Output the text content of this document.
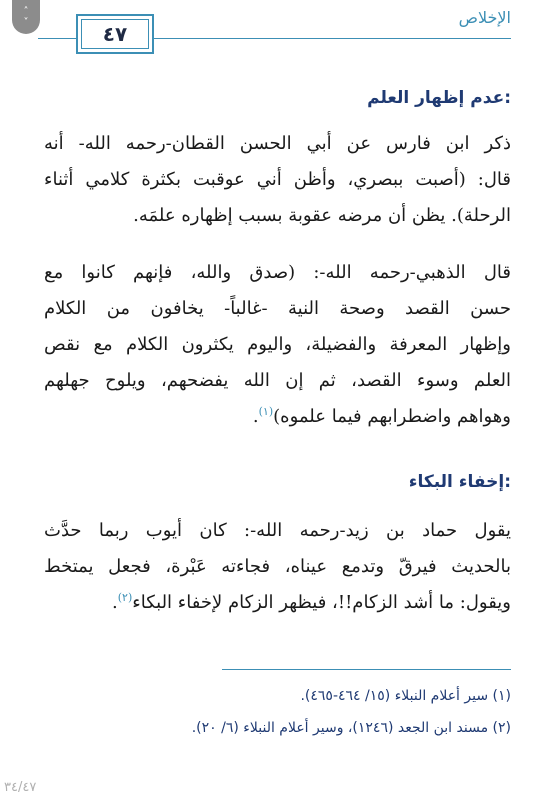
˄
˅	الإخلاص
٤٧
عدم إظهار العلم:
ذكر ابن فارس عن أبي الحسن القطان-رحمه الله- أنه
قال: (أصبت ببصري، وأظن أني عوقبت بكثرة كلامي أثناء
الرحلة). يظن أن مرضه عقوبة بسبب إظهاره علمَه.
قال الذهبي-رحمه الله-: (صدق والله، فإنهم كانوا مع
حسن القصد وصحة النية -غالباً- يخافون من الكلام
وإظهار المعرفة والفضيلة، واليوم يكثرون الكلام مع نقص
العلم وسوء القصد، ثم إن الله يفضحهم، ويلوح جهلهم
وهواهم واضطرابهم فيما علموه)$^{(١)}$.
إخفاء البكاء:
يقول حماد بن زيد-رحمه الله-: كان أيوب ربما حدَّث
بالحديث فيرقّ وتدمع عيناه، فجاءته عَبْرة، فجعل يمتخط
ويقول: ما أشد الزكام!!، فيظهر الزكام لإخفاء البكاء$^{(٢)}$.
(١) سير أعلام النبلاء (١٥/ ٤٦٤-٤٦٥).
(٢) مسند ابن الجعد (١٢٤٦)، وسير أعلام النبلاء (٦/ ٢٠).
٣٤/٤٧
